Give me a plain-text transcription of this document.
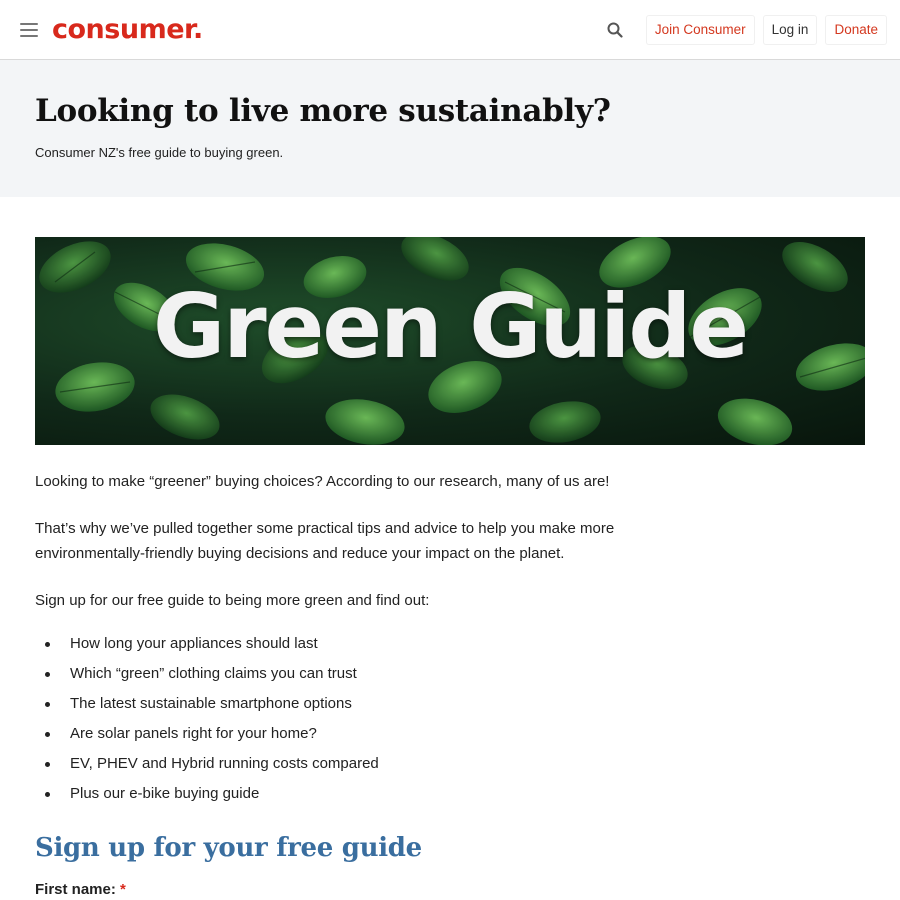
consumer.	Join Consumer	Log in	Donate
Looking to live more sustainably?

Consumer NZ's free guide to buying green.

Green Guide

Looking to make “greener” buying choices? According to our research, many of us are!

That’s why we’ve pulled together some practical tips and advice to help you make more environmentally-friendly buying decisions and reduce your impact on the planet.

Sign up for our free guide to being more green and find out:

How long your appliances should last
Which “green” clothing claims you can trust
The latest sustainable smartphone options
Are solar panels right for your home?
EV, PHEV and Hybrid running costs compared
Plus our e-bike buying guide
Sign up for your free guide
First name: *
